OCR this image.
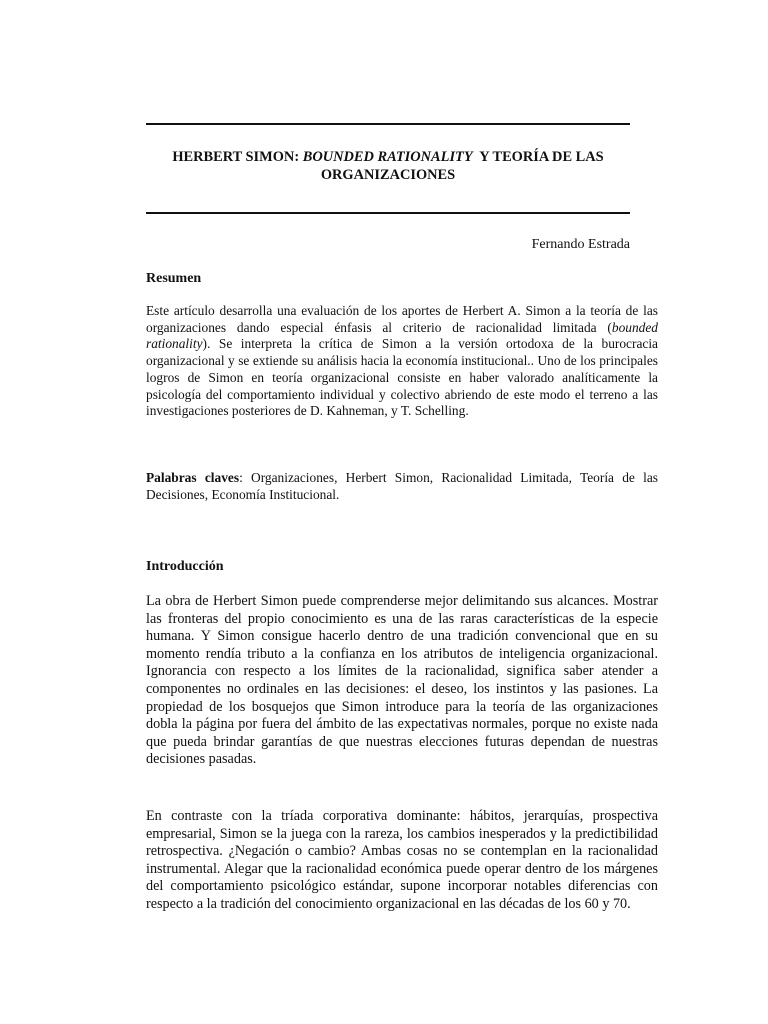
HERBERT SIMON: BOUNDED RATIONALITY  Y TEORÍA DE LAS
ORGANIZACIONES
Fernando Estrada
Resumen
Este artículo desarrolla una evaluación de los aportes de Herbert A. Simon a la teoría de las organizaciones dando especial énfasis al criterio de racionalidad limitada (bounded rationality). Se interpreta la crítica de Simon a la versión ortodoxa de la burocracia organizacional y se extiende su análisis hacia la economía institucional.. Uno de los principales logros de Simon en teoría organizacional consiste en haber valorado analíticamente la psicología del comportamiento individual y colectivo abriendo de este modo el terreno a las investigaciones posteriores de D. Kahneman, y T. Schelling.
Palabras claves: Organizaciones, Herbert Simon, Racionalidad Limitada, Teoría de las Decisiones, Economía Institucional.
Introducción
La obra de Herbert Simon puede comprenderse mejor delimitando sus alcances. Mostrar las fronteras del propio conocimiento es una de las raras características de la especie humana. Y Simon consigue hacerlo dentro de una tradición convencional que en su momento rendía tributo a la confianza en los atributos de inteligencia organizacional. Ignorancia con respecto a los límites de la racionalidad, significa saber atender a componentes no ordinales en las decisiones: el deseo, los instintos y las pasiones. La propiedad de los bosquejos que Simon introduce para la teoría de las organizaciones dobla la página por fuera del ámbito de las expectativas normales, porque no existe nada que pueda brindar garantías de que nuestras elecciones futuras dependan de nuestras decisiones pasadas.
En contraste con la tríada corporativa dominante: hábitos, jerarquías, prospectiva empresarial, Simon se la juega con la rareza, los cambios inesperados y la predictibilidad retrospectiva. ¿Negación o cambio? Ambas cosas no se contemplan en la racionalidad instrumental. Alegar que la racionalidad económica puede operar dentro de los márgenes del comportamiento psicológico estándar, supone incorporar notables diferencias con respecto a la tradición del conocimiento organizacional en las décadas de los 60 y 70.
